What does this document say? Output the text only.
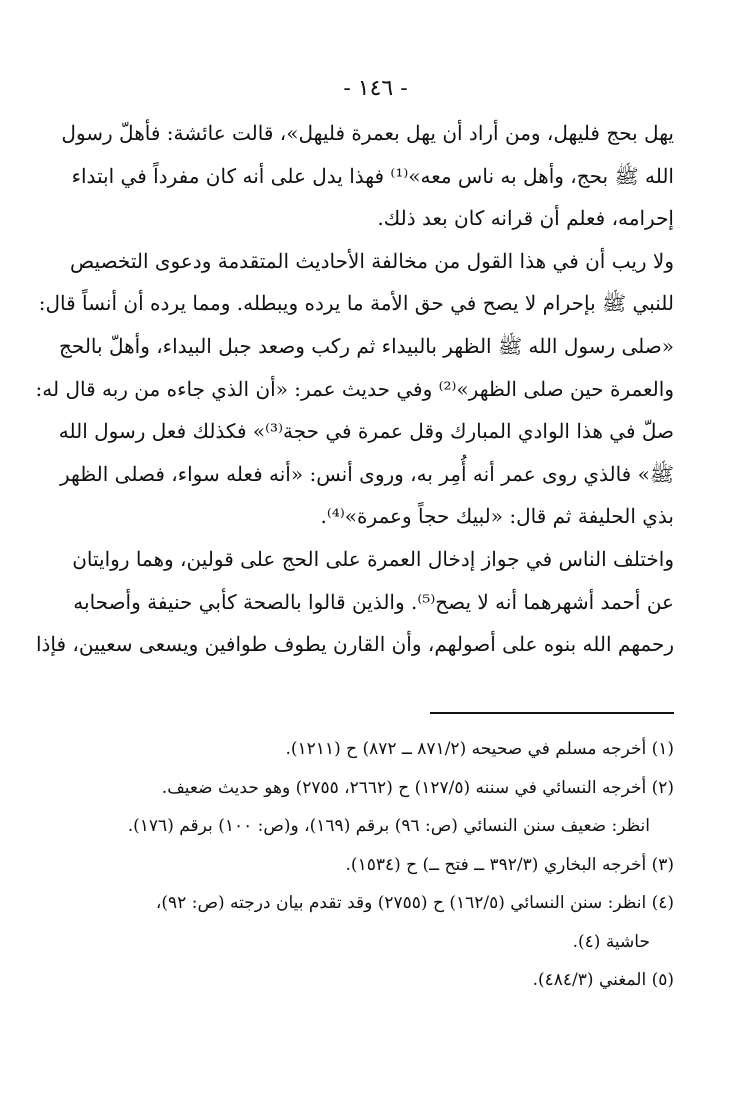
- ١٤٦ -
يهل بحج فليهل، ومن أراد أن يهل بعمرة فليهل»، قالت عائشة: فأهلّ رسول
الله ﷺ بحج، وأهل به ناس معه»⁽¹⁾ فهذا يدل على أنه كان مفرداً في ابتداء
إحرامه، فعلم أن قرانه كان بعد ذلك.
ولا ريب أن في هذا القول من مخالفة الأحاديث المتقدمة ودعوى التخصيص
للنبي ﷺ بإحرام لا يصح في حق الأمة ما يرده ويبطله. ومما يرده أن أنساً قال:
«صلى رسول الله ﷺ الظهر بالبيداء ثم ركب وصعد جبل البيداء، وأهلّ بالحج
والعمرة حين صلى الظهر»⁽²⁾ وفي حديث عمر: «أن الذي جاءه من ربه قال له:
صلّ في هذا الوادي المبارك وقل عمرة في حجة⁽³⁾» فكذلك فعل رسول الله
ﷺ» فالذي روى عمر أنه أُمِر به، وروى أنس: «أنه فعله سواء، فصلى الظهر
بذي الحليفة ثم قال: «لبيك حجاً وعمرة»⁽⁴⁾.
واختلف الناس في جواز إدخال العمرة على الحج على قولين، وهما روايتان
عن أحمد أشهرهما أنه لا يصح⁽⁵⁾. والذين قالوا بالصحة كأبي حنيفة وأصحابه
رحمهم الله بنوه على أصولهم، وأن القارن يطوف طوافين ويسعى سعيين، فإذا
(١) أخرجه مسلم في صحيحه (٨٧١/٢ ــ ٨٧٢) ح (١٢١١).
(٢) أخرجه النسائي في سننه (١٢٧/٥) ح (٢٦٦٢، ٢٧٥٥) وهو حديث ضعيف.
انظر: ضعيف سنن النسائي (ص: ٩٦) برقم (١٦٩)، و(ص: ١٠٠) برقم (١٧٦).
(٣) أخرجه البخاري (٣٩٢/٣ ــ فتح ــ) ح (١٥٣٤).
(٤) انظر: سنن النسائي (١٦٢/٥) ح (٢٧٥٥) وقد تقدم بيان درجته (ص: ٩٢)،
حاشية (٤).
(٥) المغني (٤٨٤/٣).
